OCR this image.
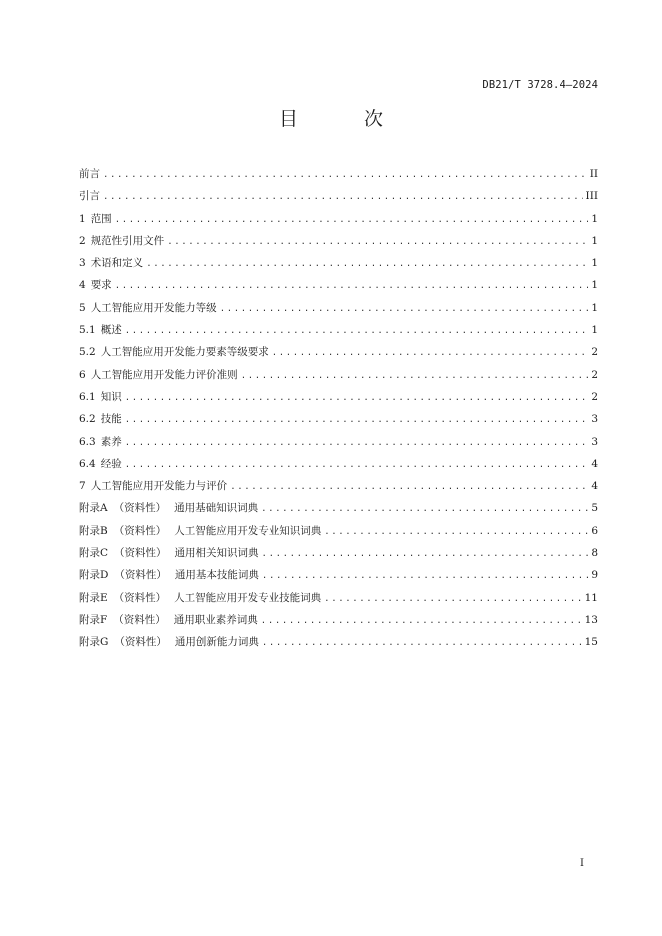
DB21/T 3728.4—2024
目 次
前言 .....	II
引言 .....	III
1 范围 .....	1
2 规范性引用文件 .....	1
3 术语和定义 .....	1
4 要求 .....	1
5 人工智能应用开发能力等级 .....	1
5.1 概述 .....	1
5.2 人工智能应用开发能力要素等级要求 .....	2
6 人工智能应用开发能力评价准则 .....	2
6.1 知识 .....	2
6.2 技能 .....	3
6.3 素养 .....	3
6.4 经验 .....	4
7 人工智能应用开发能力与评价 .....	4
附录A （资料性） 通用基础知识词典 .....	5
附录B （资料性） 人工智能应用开发专业知识词典 .....	6
附录C （资料性） 通用相关知识词典 .....	8
附录D （资料性） 通用基本技能词典 .....	9
附录E （资料性） 人工智能应用开发专业技能词典 .....	11
附录F （资料性） 通用职业素养词典 .....	13
附录G （资料性） 通用创新能力词典 .....	15
I
